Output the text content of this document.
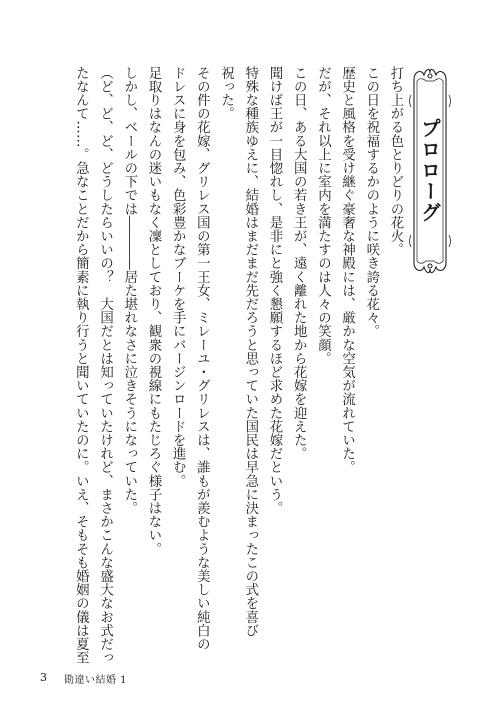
プロローグ

打ち上がる色とりどりの花火。

この日を祝福するかのように咲き誇る花々。

歴史と風格を受け継ぐ豪奢な神殿には、厳かな空気が流れていた。

だが、それ以上に室内を満たすのは人々の笑顔。

この日、ある大国の若き王が、遠く離れた地から花嫁を迎えた。

聞けば王が一目惚れし、是非にと強く懇願するほど求めた花嫁だという。

特殊な種族ゆえに、結婚はまだまだ先だろうと思っていた国民は早急に決まったこの式を喜び

祝った。

その件の花嫁、グリレス国の第一王女、ミレーユ・グリレスは、誰もが羨むような美しい純白の

ドレスに身を包み、色彩豊かなブーケを手にバージンロードを進む。

足取りはなんの迷いもなく凜としており、観衆の視線にもたじろぐ様子はない。

しかし、ベールの下では――――居た堪れなさに泣きそうになっていた。

（ど、ど、ど、どうしたらいいの？　大国だとは知っていたけれど、まさかこんな盛大なお式だっ

たなんて……。急なことだから簡素に執り行うと聞いていたのに。いえ、そもそも婚姻の儀は夏至

3 勘違い結婚 1
